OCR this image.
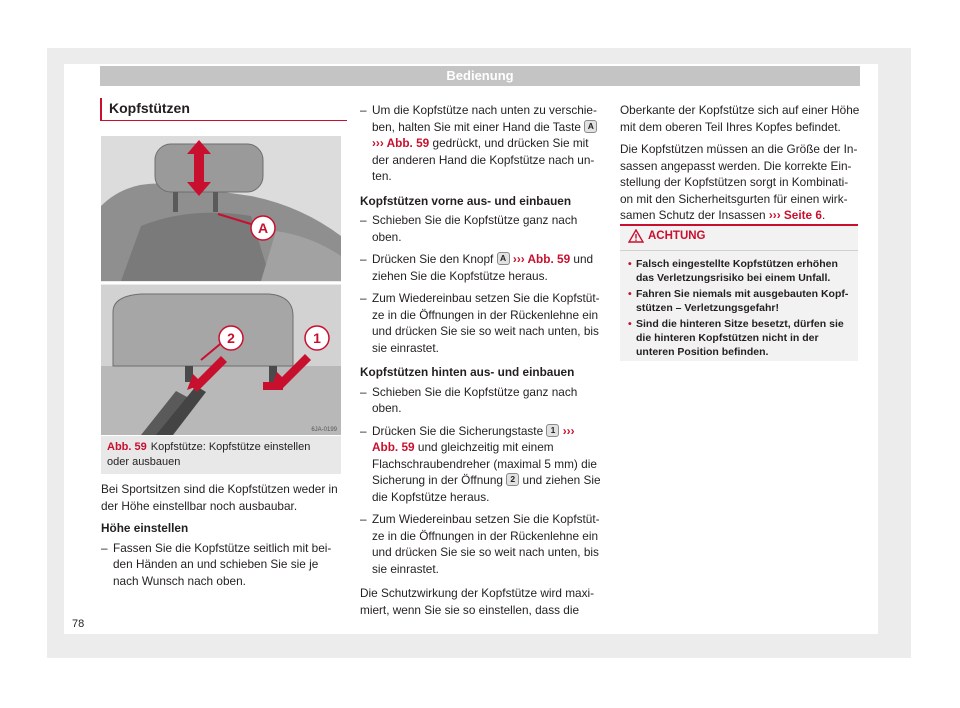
Bedienung
Kopfstützen
A
2	1
6JA-0199
Abb. 59 Kopfstütze: Kopfstütze einstellen oder ausbauen

Bei Sportsitzen sind die Kopfstützen weder in der Höhe einstellbar noch ausbaubar.

Höhe einstellen

– Fassen Sie die Kopfstütze seitlich mit bei-den Händen an und schieben Sie sie je nach Wunsch nach oben.

– Um die Kopfstütze nach unten zu verschie-ben, halten Sie mit einer Hand die Taste A ››› Abb. 59 gedrückt, und drücken Sie mit der anderen Hand die Kopfstütze nach un-ten.

Kopfstützen vorne aus- und einbauen

– Schieben Sie die Kopfstütze ganz nach oben.

– Drücken Sie den Knopf A ››› Abb. 59 und ziehen Sie die Kopfstütze heraus.

– Zum Wiedereinbau setzen Sie die Kopfstüt-ze in die Öffnungen in der Rückenlehne ein und drücken Sie sie so weit nach unten, bis sie einrastet.

Kopfstützen hinten aus- und einbauen

– Schieben Sie die Kopfstütze ganz nach oben.

– Drücken Sie die Sicherungstaste 1 ››› Abb. 59 und gleichzeitig mit einem Flachschraubendreher (maximal 5 mm) die Sicherung in der Öffnung 2 und ziehen Sie die Kopfstütze heraus.

– Zum Wiedereinbau setzen Sie die Kopfstüt-ze in die Öffnungen in der Rückenlehne ein und drücken Sie sie so weit nach unten, bis sie einrastet.

Die Schutzwirkung der Kopfstütze wird maxi-miert, wenn Sie sie so einstellen, dass die

Oberkante der Kopfstütze sich auf einer Höhe mit dem oberen Teil Ihres Kopfes befindet.

Die Kopfstützen müssen an die Größe der In-sassen angepasst werden. Die korrekte Ein-stellung der Kopfstützen sorgt in Kombinati-on mit den Sicherheitsgurten für einen wirk-samen Schutz der Insassen ››› Seite 6.

ACHTUNG
• Falsch eingestellte Kopfstützen erhöhen das Verletzungsrisiko bei einem Unfall.
• Fahren Sie niemals mit ausgebauten Kopf-stützen – Verletzungsgefahr!
• Sind die hinteren Sitze besetzt, dürfen sie die hinteren Kopfstützen nicht in der unteren Position befinden.
78
